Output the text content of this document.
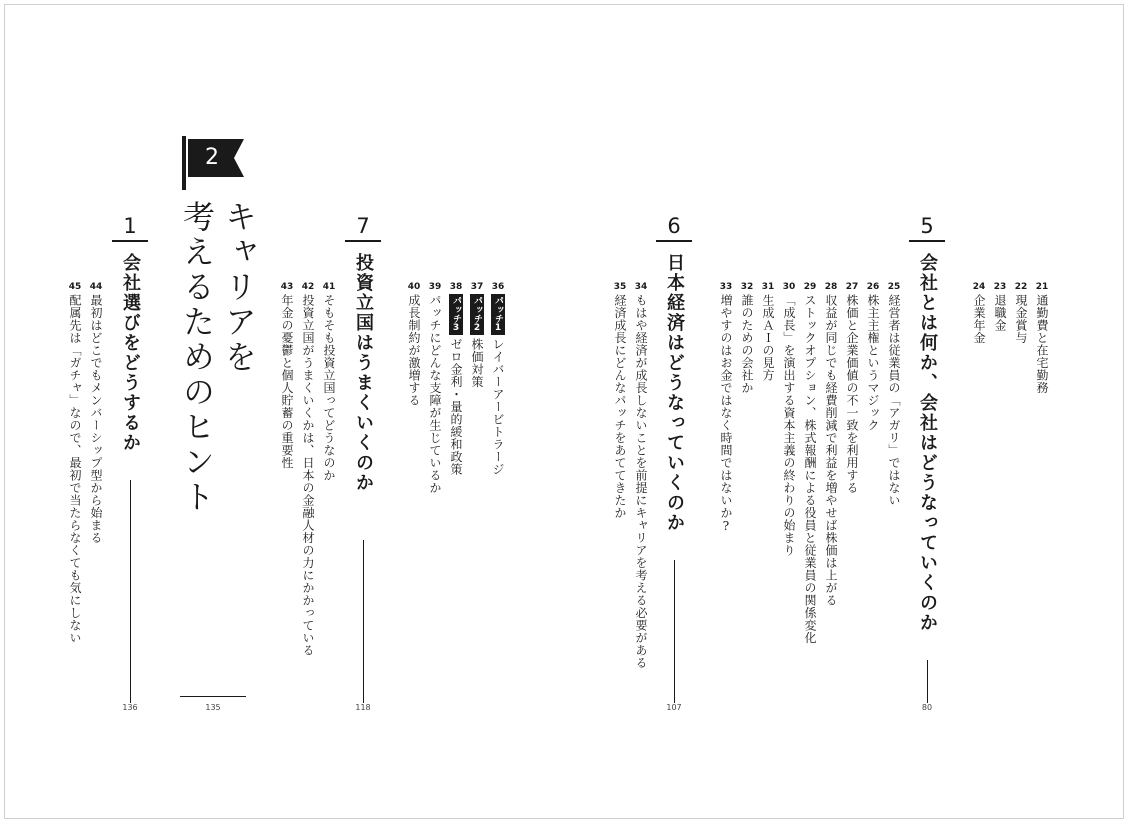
2
キャリアを
考えるためのヒント
135
5
会社とは何か、会社はどうなっていくのか
80
21
通勤費と在宅勤務
22
現金賞与
23
退職金
24
企業年金
25
経営者は従業員の「アガリ」ではない
26
株主主権というマジック
27
株価と企業価値の不一致を利用する
28
収益が同じでも経費削減で利益を増やせば株価は上がる
29
ストックオプション、株式報酬による役員と従業員の関係変化
30
「成長」を演出する資本主義の終わりの始まり
31
生成ＡＩの見方
32
誰のための会社か
33
増やすのはお金ではなく時間ではないか?
6
日本経済はどうなっていくのか
107
34
もはや経済が成長しないことを前提にキャリアを考える必要がある
35
経済成長にどんなパッチをあててきたか
7
投資立国はうまくいくのか
118
36
パッチ1レイバーアービトラージ
37
パッチ2株価対策
38
パッチ3ゼロ金利・量的緩和政策
39
パッチにどんな支障が生じているか
40
成長制約が激増する
41
そもそも投資立国ってどうなのか
42
投資立国がうまくいくかは、日本の金融人材の力にかかっている
43
年金の憂鬱と個人貯蓄の重要性
1
会社選びをどうするか
136
44
最初はどこでもメンバーシップ型から始まる
45
配属先は「ガチャ」なので、最初で当たらなくても気にしない
